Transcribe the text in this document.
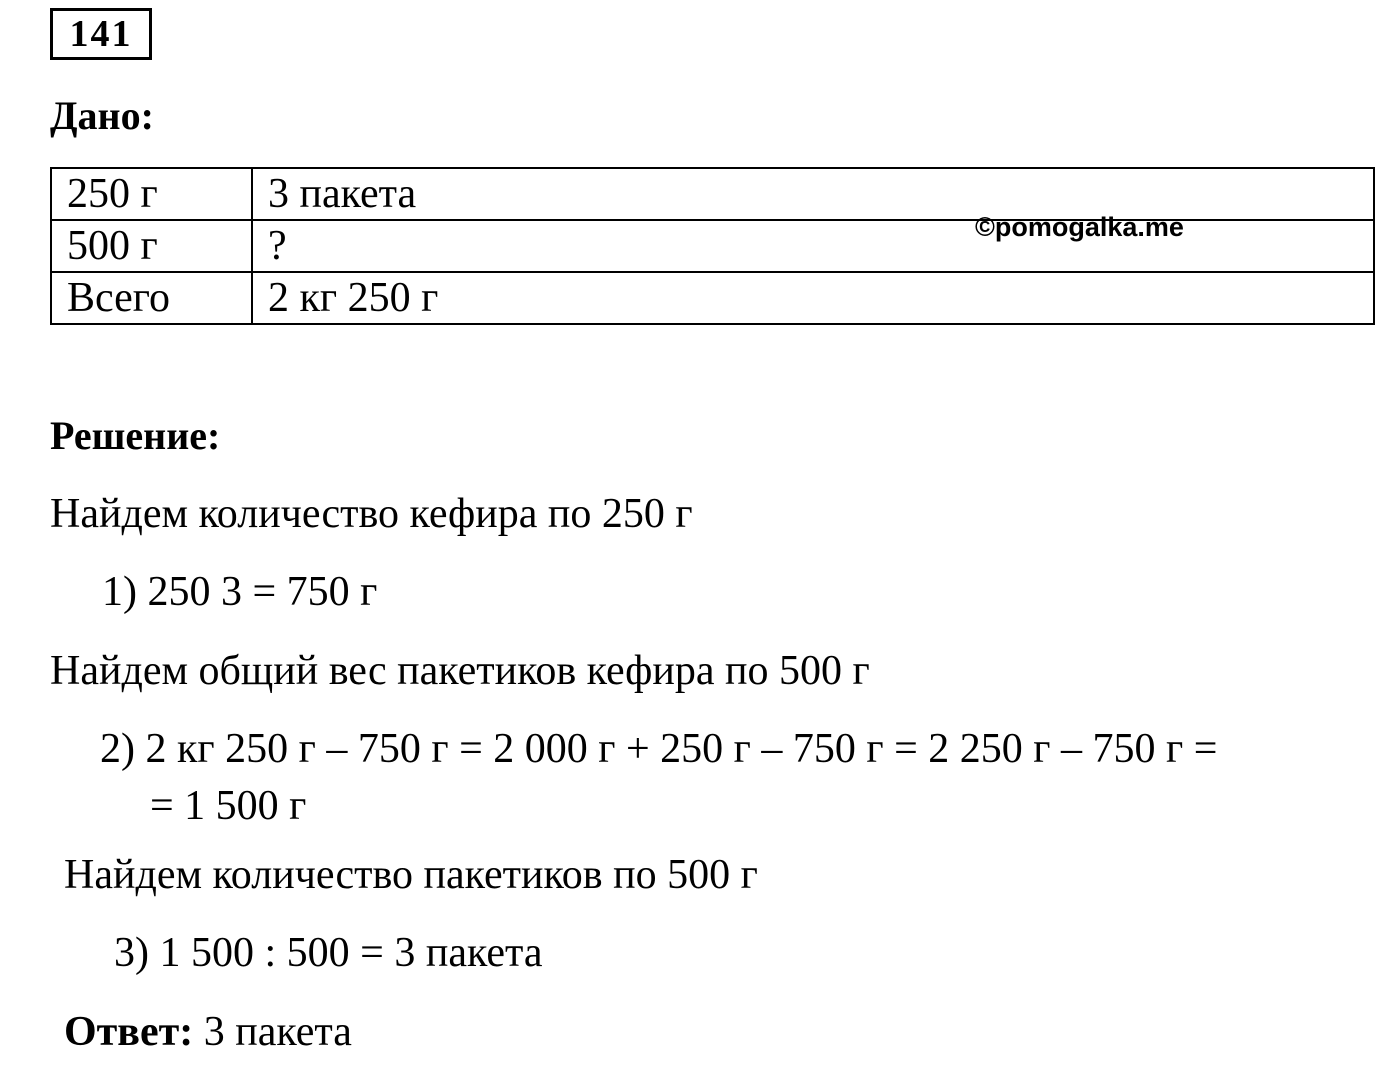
141
Дано:
250 г	3 пакета
500 г	?
Всего	2 кг 250 г
©pomogalka.me
Решение:
Найдем количество кефира по 250 г
1) 250 3 = 750 г
Найдем общий вес пакетиков кефира по 500 г
2) 2 кг 250 г – 750 г = 2 000 г + 250 г – 750 г = 2 250 г – 750 г =
= 1 500 г
Найдем количество пакетиков по 500 г
3) 1 500 : 500 = 3 пакета
Ответ: 3 пакета
